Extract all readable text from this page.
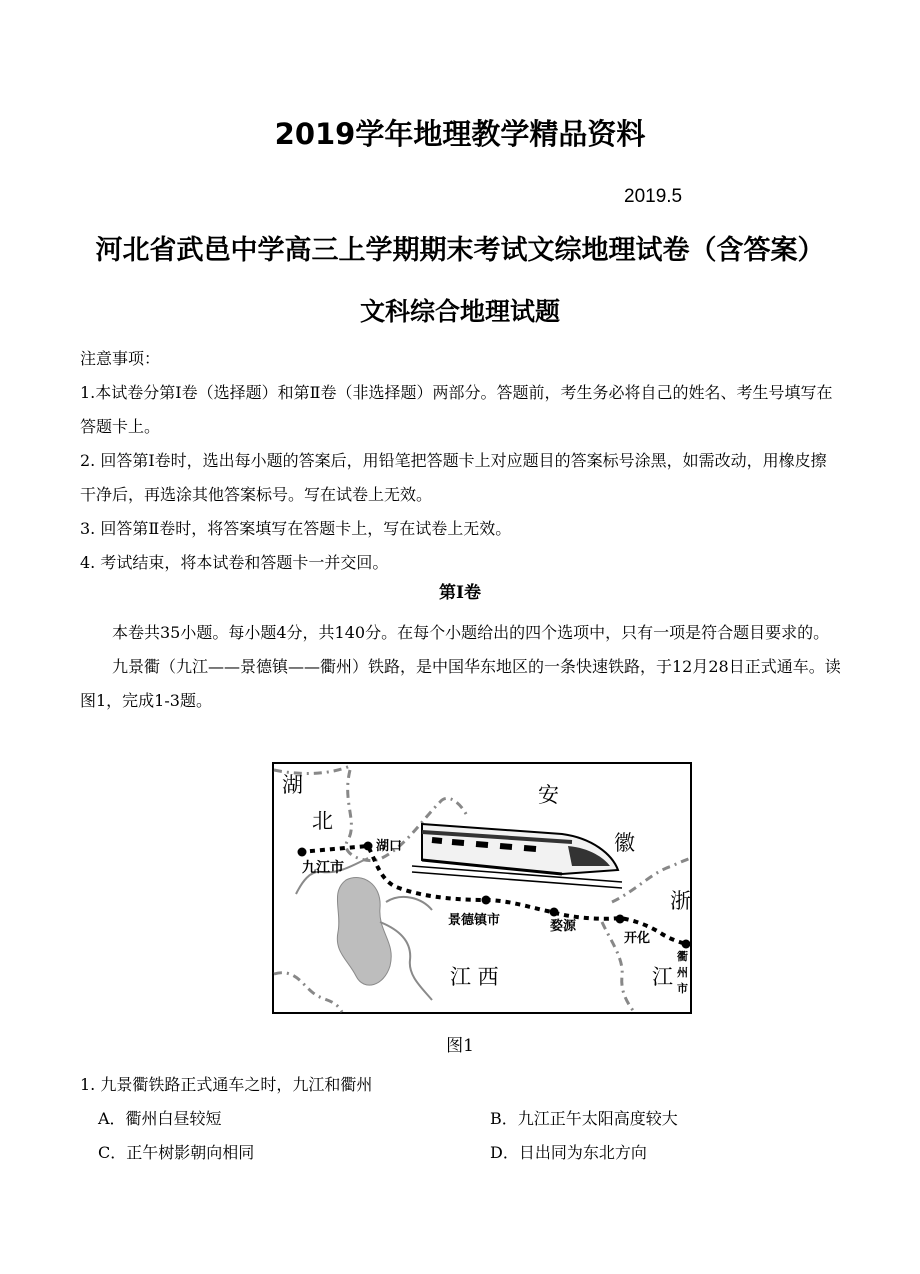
2019学年地理教学精品资料
2019.5
河北省武邑中学高三上学期期末考试文综地理试卷（含答案）
文科综合地理试题

注意事项：

1.本试卷分第Ⅰ卷（选择题）和第Ⅱ卷（非选择题）两部分。答题前，考生务必将自己的姓名、考生号填写在答题卡上。

2. 回答第Ⅰ卷时，选出每小题的答案后，用铅笔把答题卡上对应题目的答案标号涂黑，如需改动，用橡皮擦干净后，再选涂其他答案标号。写在试卷上无效。

3. 回答第Ⅱ卷时，将答案填写在答题卡上，写在试卷上无效。

4. 考试结束，将本试卷和答题卡一并交回。

第Ⅰ卷

本卷共35小题。每小题4分，共140分。在每个小题给出的四个选项中，只有一项是符合题目要求的。

九景衢（九江——景德镇——衢州）铁路，是中国华东地区的一条快速铁路，于12月28日正式通车。读图1，完成1-3题。

湖
北
安
徽
浙
江 西	江
湖口
九江市
景德镇市	婺源
开化
衢
州
市
图1
1. 九景衢铁路正式通车之时，九江和衢州
A．衢州白昼较短	B．九江正午太阳高度较大
C．正午树影朝向相同	D．日出同为东北方向
